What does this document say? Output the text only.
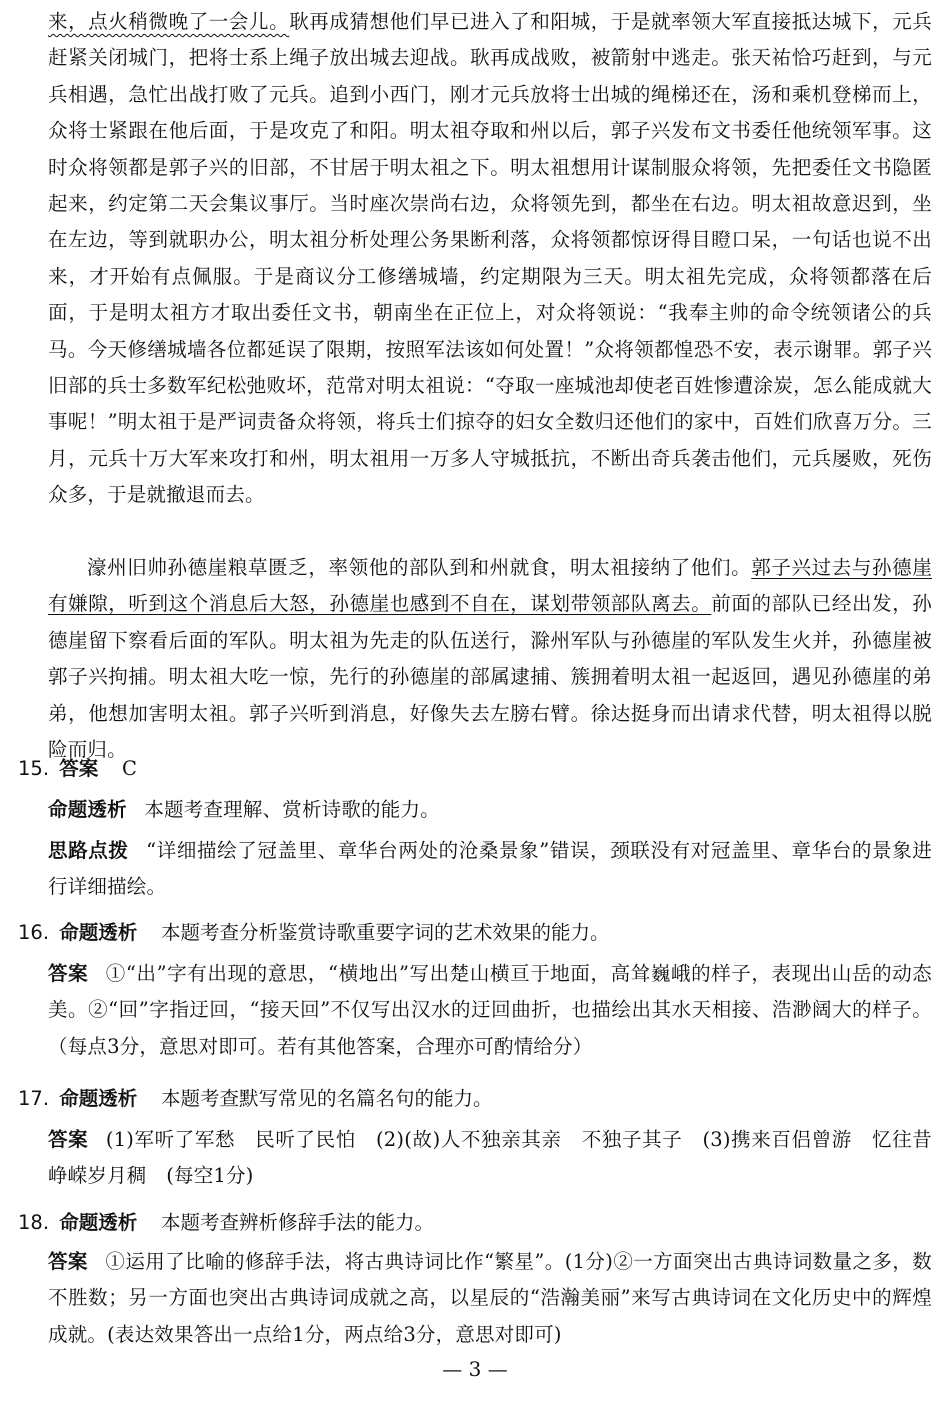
来，点火稍微晚了一会儿。耿再成猜想他们早已进入了和阳城，于是就率领大军直接抵达城下，元兵赶紧关闭城门，把将士系上绳子放出城去迎战。耿再成战败，被箭射中逃走。张天祐恰巧赶到，与元兵相遇，急忙出战打败了元兵。追到小西门，刚才元兵放将士出城的绳梯还在，汤和乘机登梯而上，众将士紧跟在他后面，于是攻克了和阳。明太祖夺取和州以后，郭子兴发布文书委任他统领军事。这时众将领都是郭子兴的旧部，不甘居于明太祖之下。明太祖想用计谋制服众将领，先把委任文书隐匿起来，约定第二天会集议事厅。当时座次崇尚右边，众将领先到，都坐在右边。明太祖故意迟到，坐在左边，等到就职办公，明太祖分析处理公务果断利落，众将领都惊讶得目瞪口呆，一句话也说不出来，才开始有点佩服。于是商议分工修缮城墙，约定期限为三天。明太祖先完成，众将领都落在后面，于是明太祖方才取出委任文书，朝南坐在正位上，对众将领说：“我奉主帅的命令统领诸公的兵马。今天修缮城墙各位都延误了限期，按照军法该如何处置！”众将领都惶恐不安，表示谢罪。郭子兴旧部的兵士多数军纪松弛败坏，范常对明太祖说：“夺取一座城池却使老百姓惨遭涂炭，怎么能成就大事呢！”明太祖于是严词责备众将领，将兵士们掠夺的妇女全数归还他们的家中，百姓们欣喜万分。三月，元兵十万大军来攻打和州，明太祖用一万多人守城抵抗，不断出奇兵袭击他们，元兵屡败，死伤众多，于是就撤退而去。

濠州旧帅孙德崖粮草匮乏，率领他的部队到和州就食，明太祖接纳了他们。郭子兴过去与孙德崖有嫌隙，听到这个消息后大怒，孙德崖也感到不自在，谋划带领部队离去。前面的部队已经出发，孙德崖留下察看后面的军队。明太祖为先走的队伍送行，滁州军队与孙德崖的军队发生火并，孙德崖被郭子兴拘捕。明太祖大吃一惊，先行的孙德崖的部属逮捕、簇拥着明太祖一起返回，遇见孙德崖的弟弟，他想加害明太祖。郭子兴听到消息，好像失去左膀右臂。徐达挺身而出请求代替，明太祖得以脱险而归。

15. 答案 C

命题透析 本题考查理解、赏析诗歌的能力。

思路点拨 “详细描绘了冠盖里、章华台两处的沧桑景象”错误，颈联没有对冠盖里、章华台的景象进行详细描绘。

16. 命题透析 本题考查分析鉴赏诗歌重要字词的艺术效果的能力。

答案 ①“出”字有出现的意思，“横地出”写出楚山横亘于地面，高耸巍峨的样子，表现出山岳的动态美。②“回”字指迂回，“接天回”不仅写出汉水的迂回曲折，也描绘出其水天相接、浩渺阔大的样子。（每点3分，意思对即可。若有其他答案，合理亦可酌情给分）

17. 命题透析 本题考查默写常见的名篇名句的能力。

答案 (1)军听了军愁　民听了民怕　(2)(故)人不独亲其亲　不独子其子　(3)携来百侣曾游　忆往昔峥嵘岁月稠　(每空1分)

18. 命题透析 本题考查辨析修辞手法的能力。

答案 ①运用了比喻的修辞手法，将古典诗词比作“繁星”。(1分)②一方面突出古典诗词数量之多，数不胜数；另一方面也突出古典诗词成就之高，以星辰的“浩瀚美丽”来写古典诗词在文化历史中的辉煌成就。(表达效果答出一点给1分，两点给3分，意思对即可)

— 3 —
